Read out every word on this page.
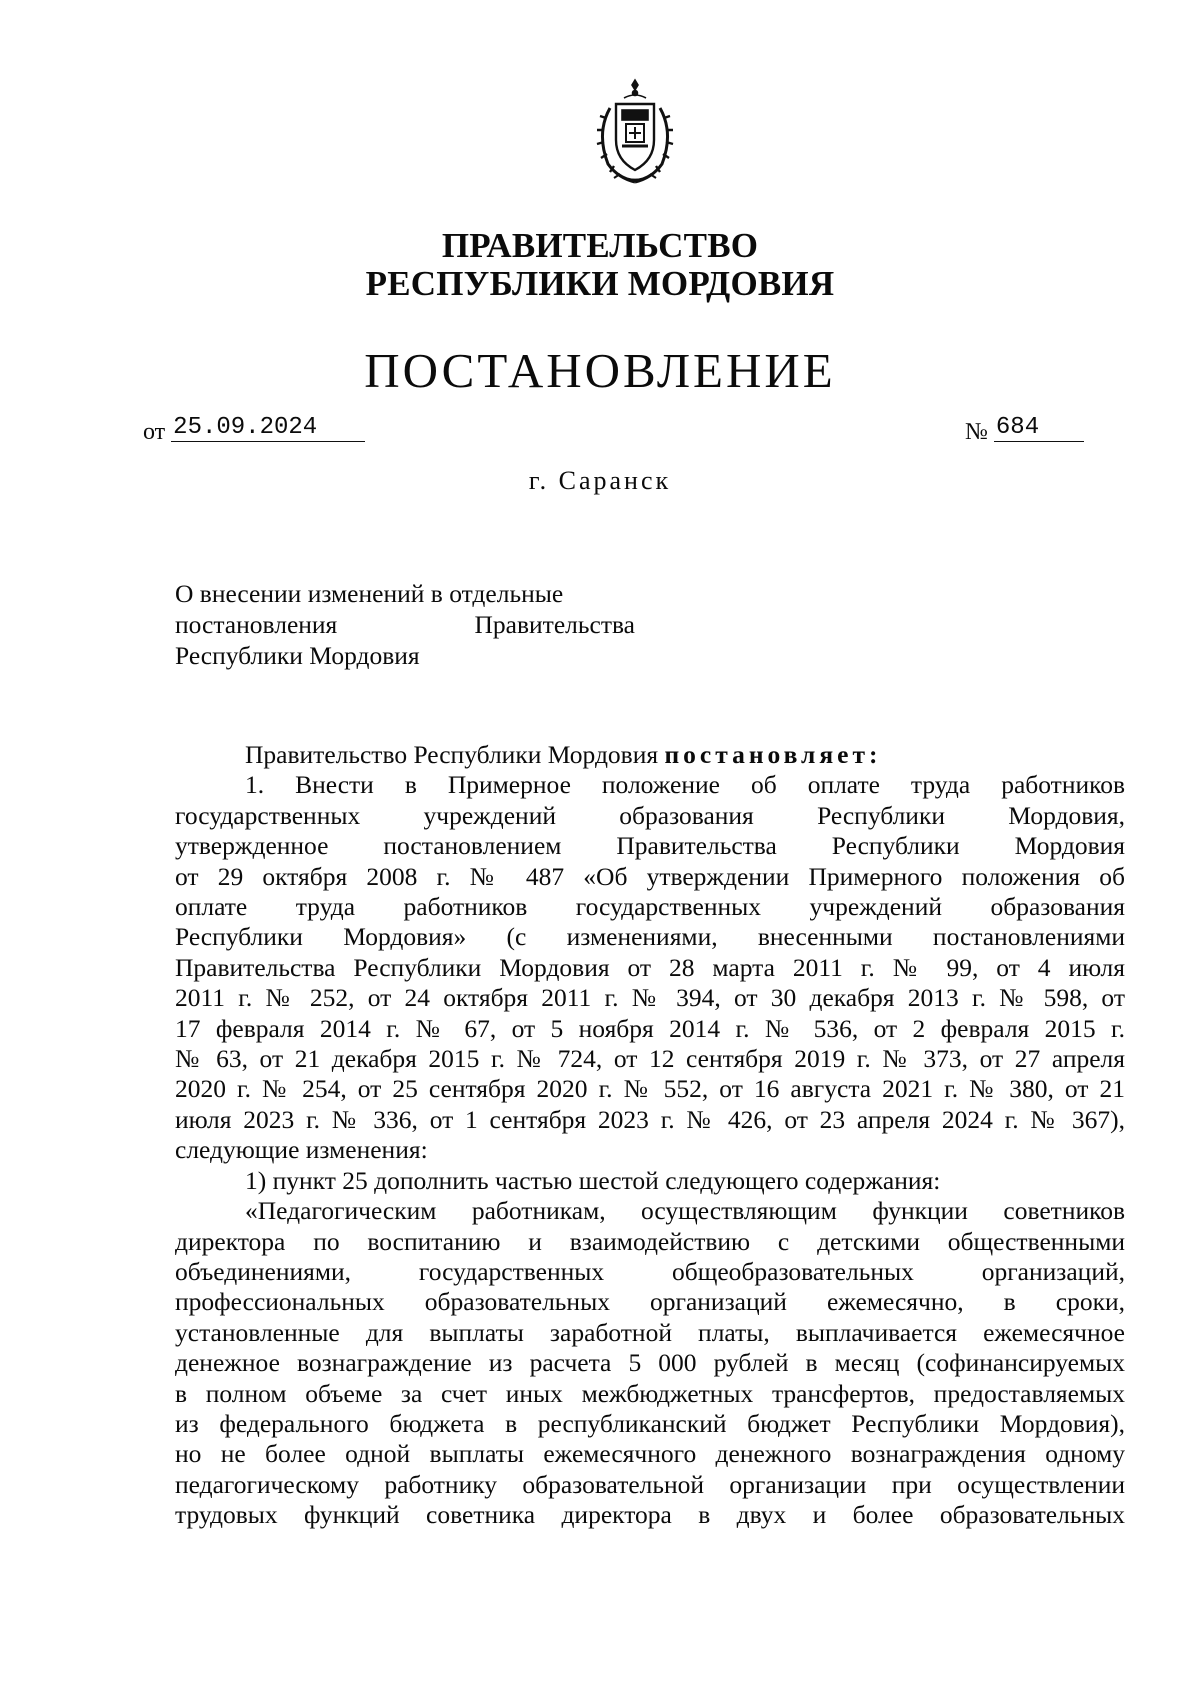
ПРАВИТЕЛЬСТВО
РЕСПУБЛИКИ МОРДОВИЯ
ПОСТАНОВЛЕНИЕ
от 25.09.2024	№ 684
г. Саранск
О внесении изменений в отдельные
постановления	Правительства
Республики Мордовия
Правительство Республики Мордовия постановляет:
1. Внести в Примерное положение об оплате труда работников
государственных учреждений образования Республики Мордовия,
утвержденное постановлением Правительства Республики Мордовия
от 29 октября 2008 г. № 487 «Об утверждении Примерного положения об
оплате труда работников государственных учреждений образования
Республики Мордовия» (с изменениями, внесенными постановлениями
Правительства Республики Мордовия от 28 марта 2011 г. № 99, от 4 июля
2011 г. № 252, от 24 октября 2011 г. № 394, от 30 декабря 2013 г. № 598, от
17 февраля 2014 г. № 67, от 5 ноября 2014 г. № 536, от 2 февраля 2015 г.
№ 63, от 21 декабря 2015 г. № 724, от 12 сентября 2019 г. № 373, от 27 апреля
2020 г. № 254, от 25 сентября 2020 г. № 552, от 16 августа 2021 г. № 380, от 21
июля 2023 г. № 336, от 1 сентября 2023 г. № 426, от 23 апреля 2024 г. № 367),
следующие изменения:
1) пункт 25 дополнить частью шестой следующего содержания:
«Педагогическим работникам, осуществляющим функции советников
директора по воспитанию и взаимодействию с детскими общественными
объединениями, государственных общеобразовательных организаций,
профессиональных образовательных организаций ежемесячно, в сроки,
установленные для выплаты заработной платы, выплачивается ежемесячное
денежное вознаграждение из расчета 5 000 рублей в месяц (софинансируемых
в полном объеме за счет иных межбюджетных трансфертов, предоставляемых
из федерального бюджета в республиканский бюджет Республики Мордовия),
но не более одной выплаты ежемесячного денежного вознаграждения одному
педагогическому работнику образовательной организации при осуществлении
трудовых функций советника директора в двух и более образовательных
